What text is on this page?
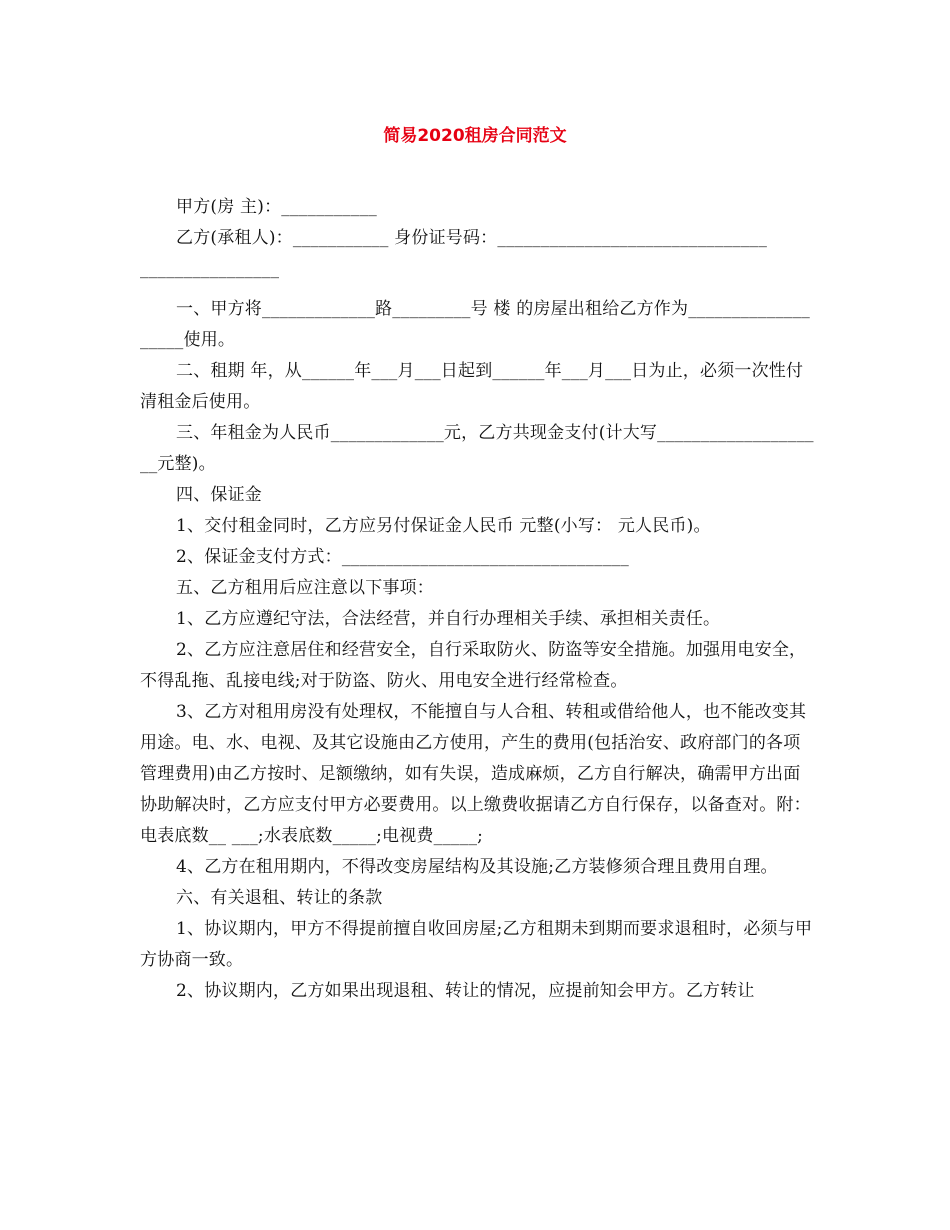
简易2020租房合同范文

甲方(房 主)：___________

乙方(承租人)：___________ 身份证号码：_______________________________

________________

一、甲方将_____________路_________号 楼 的房屋出租给乙方作为___________________使用。

二、租期 年，从______年___月___日起到______年___月___日为止，必须一次性付清租金后使用。

三、年租金为人民币_____________元，乙方共现金支付(计大写____________________元整)。

四、保证金

1、交付租金同时，乙方应另付保证金人民币 元整(小写： 元人民币)。

2、保证金支付方式：_________________________________

五、乙方租用后应注意以下事项：

1、乙方应遵纪守法，合法经营，并自行办理相关手续、承担相关责任。

2、乙方应注意居住和经营安全，自行采取防火、防盗等安全措施。加强用电安全，不得乱拖、乱接电线;对于防盗、防火、用电安全进行经常检查。

3、乙方对租用房没有处理权，不能擅自与人合租、转租或借给他人，也不能改变其用途。电、水、电视、及其它设施由乙方使用，产生的费用(包括治安、政府部门的各项管理费用)由乙方按时、足额缴纳，如有失误，造成麻烦，乙方自行解决，确需甲方出面协助解决时，乙方应支付甲方必要费用。以上缴费收据请乙方自行保存，以备查对。附：电表底数__ ___;水表底数_____;电视费_____;

4、乙方在租用期内，不得改变房屋结构及其设施;乙方装修须合理且费用自理。

六、有关退租、转让的条款

1、协议期内，甲方不得提前擅自收回房屋;乙方租期未到期而要求退租时，必须与甲方协商一致。

2、协议期内，乙方如果出现退租、转让的情况，应提前知会甲方。乙方转让
